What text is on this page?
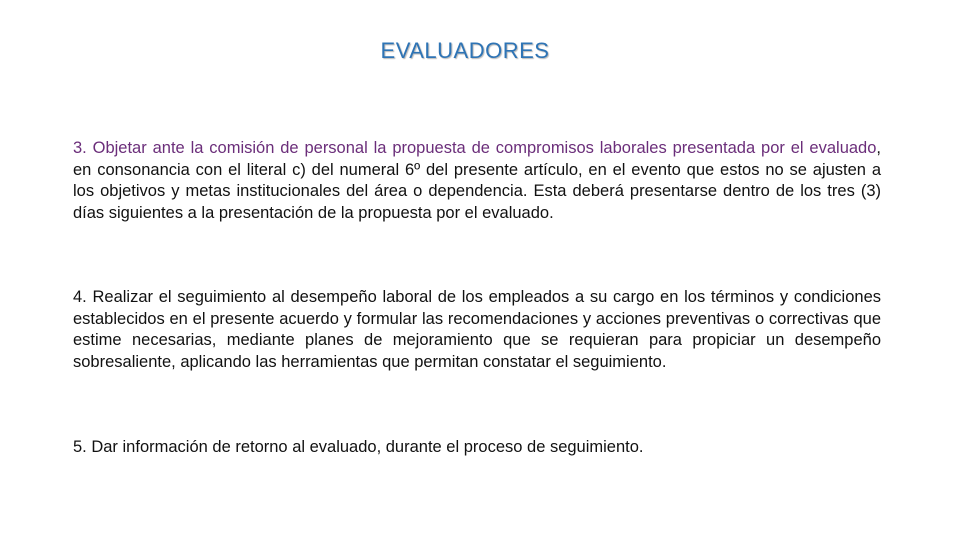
EVALUADORES

3. Objetar ante la comisión de personal la propuesta de compromisos laborales presentada por el evaluado, en consonancia con el literal c) del numeral 6º del presente artículo, en el evento que estos no se ajusten a los objetivos y metas institucionales del área o dependencia. Esta deberá presentarse dentro de los tres (3) días siguientes a la presentación de la propuesta por el evaluado.

4. Realizar el seguimiento al desempeño laboral de los empleados a su cargo en los términos y condiciones establecidos en el presente acuerdo y formular las recomendaciones y acciones preventivas o correctivas que estime necesarias, mediante planes de mejoramiento que se requieran para propiciar un desempeño sobresaliente, aplicando las herramientas que permitan constatar el seguimiento.

5. Dar información de retorno al evaluado, durante el proceso de seguimiento.
